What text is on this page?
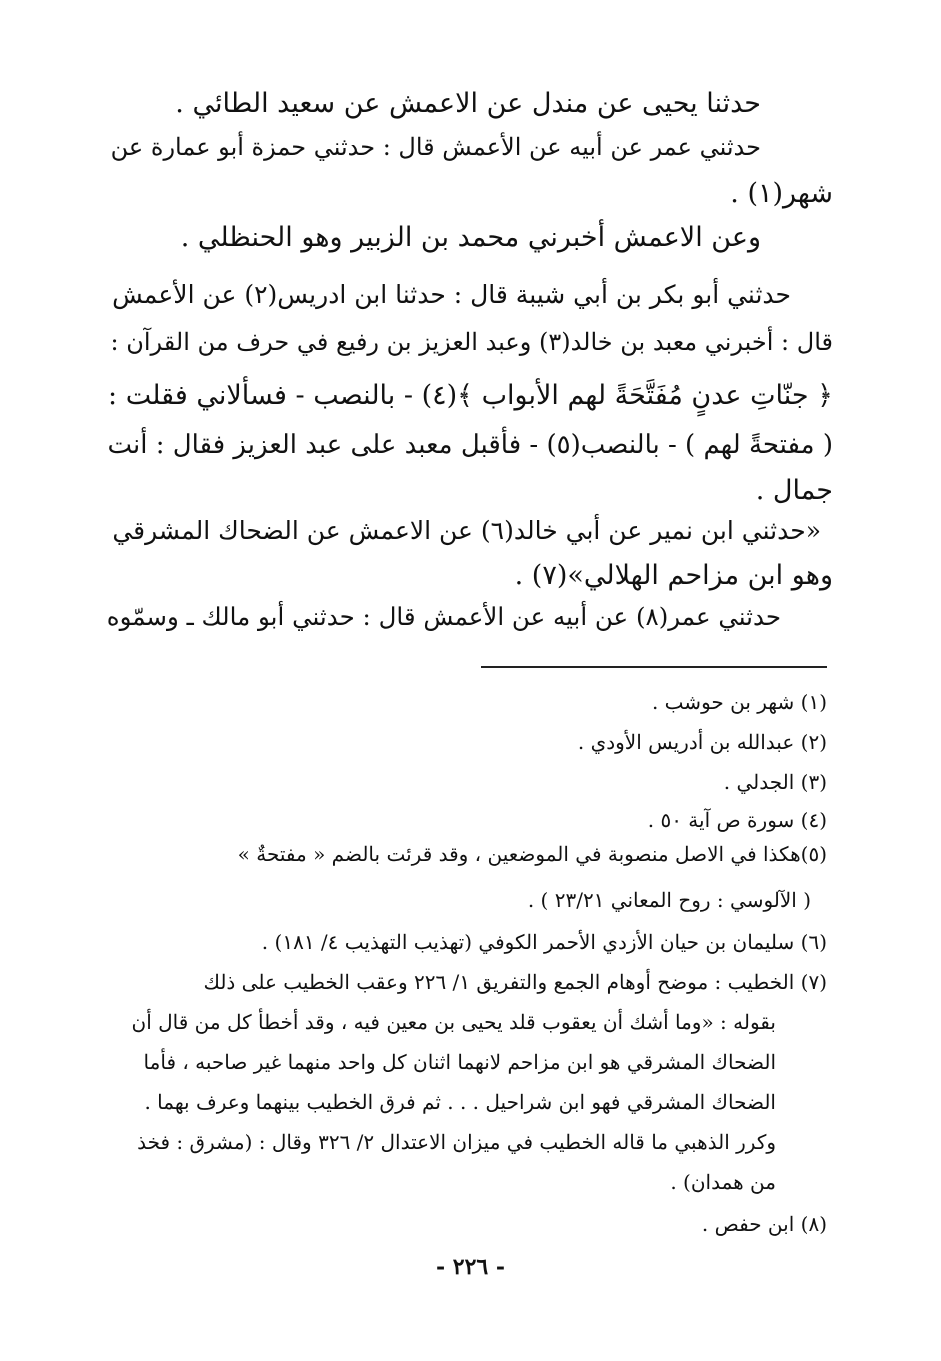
حدثنا يحيى عن مندل عن الاعمش عن سعيد الطائي .

حدثني عمر عن أبيه عن الأعمش قال : حدثني حمزة أبو عمارة عن

شهر(١) .

وعن الاعمش أخبرني محمد بن الزبير وهو الحنظلي .

حدثني أبو بكر بن أبي شيبة قال : حدثنا ابن ادريس(٢) عن الأعمش

قال : أخبرني معبد بن خالد(٣) وعبد العزيز بن رفيع في حرف من القرآن :

﴿ جنّاتِ عدنٍ مُفَتَّحَةً لهم الأبواب ﴾(٤) - بالنصب - فسألاني فقلت :

( مفتحةً لهم ) - بالنصب(٥) - فأقبل معبد على عبد العزيز فقال : أنت

جمال .

«حدثني ابن نمير عن أبي خالد(٦) عن الاعمش عن الضحاك المشرقي

وهو ابن مزاحم الهلالي»(٧) .

حدثني عمر(٨) عن أبيه عن الأعمش قال : حدثني أبو مالك ـ وسمّوه

(١) شهر بن حوشب .

(٢) عبدالله بن أدريس الأودي .

(٣) الجدلي .

(٤) سورة ص آية ٥٠ .

(٥)هكذا في الاصل منصوبة في الموضعين ، وقد قرئت بالضم « مفتحةٌ »

( الآلوسي : روح المعاني ٢٣/٢١ ) .

(٦) سليمان بن حيان الأزدي الأحمر الكوفي (تهذيب التهذيب ٤/ ١٨١) .

(٧) الخطيب : موضح أوهام الجمع والتفريق ١/ ٢٢٦ وعقب الخطيب على ذلك

بقوله : «وما أشك أن يعقوب قلد يحيى بن معين فيه ، وقد أخطأ كل من قال أن

الضحاك المشرقي هو ابن مزاحم لانهما اثنان كل واحد منهما غير صاحبه ، فأما

الضحاك المشرقي فهو ابن شراحيل . . . ثم فرق الخطيب بينهما وعرف بهما .

وكرر الذهبي ما قاله الخطيب في ميزان الاعتدال ٢/ ٣٢٦ وقال : (مشرق : فخذ

من همدان) .

(٨) ابن حفص .

- ٢٢٦ -
